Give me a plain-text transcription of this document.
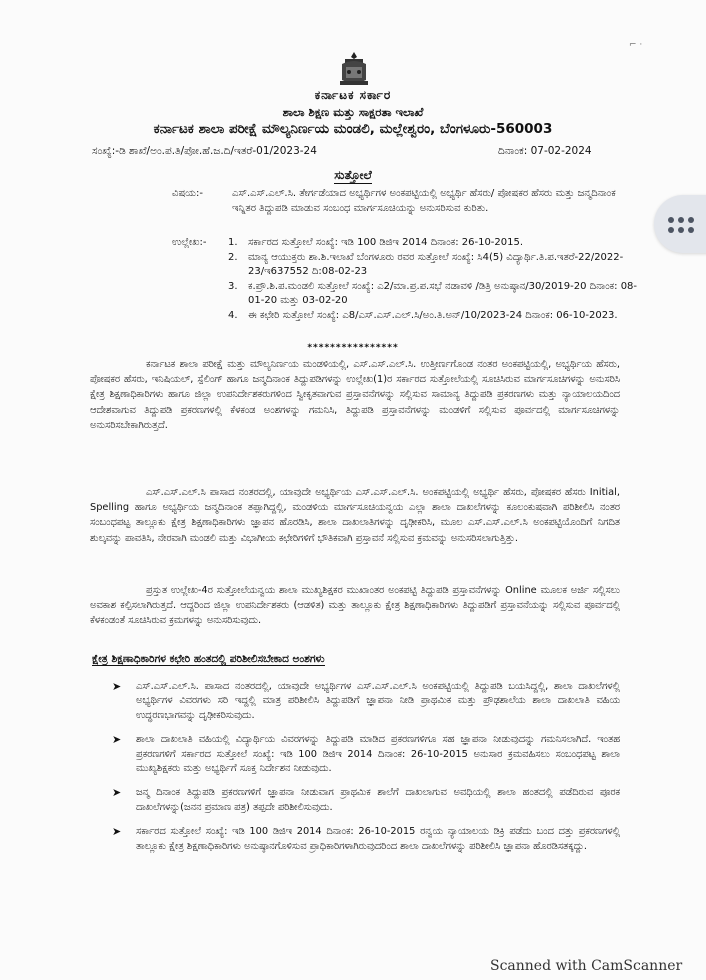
ಕರ್ನಾಟಕ ಸರ್ಕಾರ
ಶಾಲಾ ಶಿಕ್ಷಣ ಮತ್ತು ಸಾಕ್ಷರತಾ ಇಲಾಖೆ
ಕರ್ನಾಟಕ ಶಾಲಾ ಪರೀಕ್ಷೆ ಮೌಲ್ಯನಿರ್ಣಯ ಮಂಡಲಿ, ಮಲ್ಲೇಶ್ವರಂ, ಬೆಂಗಳೂರು-560003
ಸಂಖ್ಯೆ:-ಡಿ ಶಾಖೆ/ಅಂ.ಪ.ತಿ/ಪೋ.ಹೆ.ಜ.ದಿ/ಇತರೆ-01/2023-24	ದಿನಾಂಕ: 07-02-2024
ಸುತ್ತೋಲೆ
ವಿಷಯ:-	ಎಸ್.ಎಸ್.ಎಲ್.ಸಿ. ತೇರ್ಗಡೆಯಾದ ಅಭ್ಯರ್ಥಿಗಳ ಅಂಕಪಟ್ಟಿಯಲ್ಲಿ ಅಭ್ಯರ್ಥಿ ಹೆಸರು/ ಪೋಷಕರ ಹೆಸರು ಮತ್ತು ಜನ್ಮದಿನಾಂಕ ಇನ್ನಿತರ ತಿದ್ದುಪಡಿ ಮಾಡುವ ಸಂಬಂಧ ಮಾರ್ಗಸೂಚಿಯನ್ನು ಅನುಸರಿಸುವ ಕುರಿತು.
ಉಲ್ಲೇಖ:- 1. ಸರ್ಕಾರದ ಸುತ್ತೋಲೆ ಸಂಖ್ಯೆ: ಇಡಿ 100 ಡಿಜಿಇ 2014 ದಿನಾಂಕ: 26-10-2015.
2. ಮಾನ್ಯ ಆಯುಕ್ತರು ಶಾ.ಶಿ.ಇಲಾಖೆ ಬೆಂಗಳೂರು ರವರ ಸುತ್ತೋಲೆ ಸಂಖ್ಯೆ: ಸಿ4(5) ವಿದ್ಯಾರ್ಥಿ.ತಿ.ಪ.ಇತರೆ-22/2022-23/ಇ637552 ದಿ:08-02-23
3. ಕ.ಪ್ರೌ.ಶಿ.ಪ.ಮಂಡಲಿ ಸುತ್ತೋಲೆ ಸಂಖ್ಯೆ: ಎ2/ಮಾ.ಪ್ರ.ಪ.ಸಭೆ ನಡಾವಳಿ /ಡಿತ್ರಿ ಅನುಷ್ಠಾನ/30/2019-20 ದಿನಾಂಕ: 08-01-20 ಮತ್ತು 03-02-20
4. ಈ ಕಛೇರಿ ಸುತ್ತೋಲೆ ಸಂಖ್ಯೆ: ಎ8/ಎಸ್.ಎಸ್.ಎಲ್.ಸಿ/ಅಂ.ತಿ.ಅನ್/10/2023-24 ದಿನಾಂಕ: 06-10-2023.
****************
ಕರ್ನಾಟಕ ಶಾಲಾ ಪರೀಕ್ಷೆ ಮತ್ತು ಮೌಲ್ಯನಿರ್ಣಯ ಮಂಡಳಿಯಲ್ಲಿ, ಎಸ್.ಎಸ್.ಎಲ್.ಸಿ. ಉತ್ತೀರ್ಣಗೊಂಡ ನಂತರ ಅಂಕಪಟ್ಟಿಯಲ್ಲಿ, ಅಭ್ಯರ್ಥಿಯ ಹೆಸರು, ಪೋಷಕರ ಹೆಸರು, ಇನಿಷಿಯಲ್, ಸ್ಪೆಲಿಂಗ್ ಹಾಗೂ ಜನ್ಮದಿನಾಂಕ ತಿದ್ದುಪಡಿಗಳನ್ನು ಉಲ್ಲೇಖ(1)ರ ಸರ್ಕಾರದ ಸುತ್ತೋಲೆಯಲ್ಲಿ ಸೂಚಿಸಿರುವ ಮಾರ್ಗಸೂಚಿಗಳನ್ನು ಅನುಸರಿಸಿ ಕ್ಷೇತ್ರ ಶಿಕ್ಷಣಾಧಿಕಾರಿಗಳು ಹಾಗೂ ಜಿಲ್ಲಾ ಉಪನಿರ್ದೇಶಕರುಗಳಿಂದ ಸ್ವೀಕೃತವಾಗುವ ಪ್ರಸ್ತಾವನೆಗಳನ್ನು ಸಲ್ಲಿಸುವ ಸಾಮಾನ್ಯ ತಿದ್ದುಪಡಿ ಪ್ರಕರಣಗಳು ಮತ್ತು ನ್ಯಾಯಾಲಯದಿಂದ ಆದೇಶವಾಗುವ ತಿದ್ದುಪಡಿ ಪ್ರಕರಣಗಳಲ್ಲಿ ಕೆಳಕಂಡ ಅಂಶಗಳನ್ನು ಗಮನಿಸಿ, ತಿದ್ದುಪಡಿ ಪ್ರಸ್ತಾವನೆಗಳನ್ನು ಮಂಡಳಿಗೆ ಸಲ್ಲಿಸುವ ಪೂರ್ವದಲ್ಲಿ ಮಾರ್ಗಸೂಚಿಗಳನ್ನು ಅನುಸರಿಸಬೇಕಾಗಿರುತ್ತದೆ.
ಎಸ್.ಎಸ್.ಎಲ್.ಸಿ ಪಾಸಾದ ನಂತರದಲ್ಲಿ, ಯಾವುದೇ ಅಭ್ಯರ್ಥಿಯ ಎಸ್.ಎಸ್.ಎಲ್.ಸಿ. ಅಂಕಪಟ್ಟಿಯಲ್ಲಿ ಅಭ್ಯರ್ಥಿ ಹೆಸರು, ಪೋಷಕರ ಹೆಸರು Initial, Spelling ಹಾಗೂ ಅಭ್ಯರ್ಥಿಯ ಜನ್ಮದಿನಾಂಕ ತಪ್ಪಾಗಿದ್ದಲ್ಲಿ, ಮಂಡಳಿಯ ಮಾರ್ಗಸೂಚಿಯನ್ವಯ ಎಲ್ಲಾ ಶಾಲಾ ದಾಖಲೆಗಳನ್ನು ಕೂಲಂಕುಷವಾಗಿ ಪರಿಶೀಲಿಸಿ ನಂತರ ಸಂಬಂಧಪಟ್ಟ ತಾಲ್ಲೂಕು ಕ್ಷೇತ್ರ ಶಿಕ್ಷಣಾಧಿಕಾರಿಗಳು ಜ್ಞಾಪನ ಹೊರಡಿಸಿ, ಶಾಲಾ ದಾಖಲಾತಿಗಳನ್ನು ದೃಢೀಕರಿಸಿ, ಮೂಲ ಎಸ್.ಎಸ್.ಎಲ್.ಸಿ ಅಂಕಪಟ್ಟಿಯೊಂದಿಗೆ ನಿಗದಿತ ಶುಲ್ಕವನ್ನು ಪಾವತಿಸಿ, ನೇರವಾಗಿ ಮಂಡಲಿ ಮತ್ತು ವಿಭಾಗೀಯ ಕಛೇರಿಗಳಿಗೆ ಭೌತಿಕವಾಗಿ ಪ್ರಸ್ತಾವನೆ ಸಲ್ಲಿಸುವ ಕ್ರಮವನ್ನು ಅನುಸರಿಸಲಾಗುತ್ತಿತ್ತು.
ಪ್ರಸ್ತುತ ಉಲ್ಲೇಖ-4ರ ಸುತ್ತೋಲೆಯನ್ವಯ ಶಾಲಾ ಮುಖ್ಯಶಿಕ್ಷಕರ ಮುಖಾಂತರ ಅಂಕಪಟ್ಟಿ ತಿದ್ದುಪಡಿ ಪ್ರಸ್ತಾವನೆಗಳನ್ನು Online ಮೂಲಕ ಅರ್ಜಿ ಸಲ್ಲಿಸಲು ಅವಕಾಶ ಕಲ್ಪಿಸಲಾಗಿರುತ್ತದೆ. ಆದ್ದರಿಂದ ಜಿಲ್ಲಾ ಉಪನಿರ್ದೇಶಕರು (ಆಡಳಿತ) ಮತ್ತು ತಾಲ್ಲೂಕು ಕ್ಷೇತ್ರ ಶಿಕ್ಷಣಾಧಿಕಾರಿಗಳು ತಿದ್ದುಪಡಿಗೆ ಪ್ರಸ್ತಾವನೆಯನ್ನು ಸಲ್ಲಿಸುವ ಪೂರ್ವದಲ್ಲಿ ಕೆಳಕಂಡಂತೆ ಸೂಚಿಸಿರುವ ಕ್ರಮಗಳನ್ನು ಅನುಸರಿಸುವುದು.
ಕ್ಷೇತ್ರ ಶಿಕ್ಷಣಾಧಿಕಾರಿಗಳ ಕಛೇರಿ ಹಂತದಲ್ಲಿ ಪರಿಶೀಲಿಸಬೇಕಾದ ಅಂಶಗಳು
➤ ಎಸ್.ಎಸ್.ಎಲ್.ಸಿ. ಪಾಸಾದ ನಂತರದಲ್ಲಿ, ಯಾವುದೇ ಅಭ್ಯರ್ಥಿಗಳ ಎಸ್.ಎಸ್.ಎಲ್.ಸಿ ಅಂಕಪಟ್ಟಿಯಲ್ಲಿ ತಿದ್ದುಪಡಿ ಬಯಸಿದ್ದಲ್ಲಿ, ಶಾಲಾ ದಾಖಲೆಗಳಲ್ಲಿ ಅಭ್ಯರ್ಥಿಗಳ ವಿವರಗಳು ಸರಿ ಇದ್ದಲ್ಲಿ ಮಾತ್ರ ಪರಿಶೀಲಿಸಿ ತಿದ್ದುಪಡಿಗೆ ಜ್ಞಾಪನಾ ನೀಡಿ ಪ್ರಾಥಮಿಕ ಮತ್ತು ಪ್ರೌಢಶಾಲೆಯ ಶಾಲಾ ದಾಖಲಾತಿ ವಹಿಯ ಉದ್ಧರಣಭಾಗವನ್ನು ದೃಢೀಕರಿಸುವುದು.
➤ ಶಾಲಾ ದಾಖಲಾತಿ ವಹಿಯಲ್ಲಿ ವಿದ್ಯಾರ್ಥಿಯ ವಿವರಗಳನ್ನು ತಿದ್ದುಪಡಿ ಮಾಡಿದ ಪ್ರಕರಣಗಳಿಗೂ ಸಹ ಜ್ಞಾಪನಾ ನೀಡುವುದನ್ನು ಗಮನಿಸಲಾಗಿದೆ. ಇಂತಹ ಪ್ರಕರಣಗಳಿಗೆ ಸರ್ಕಾರದ ಸುತ್ತೋಲೆ ಸಂಖ್ಯೆ: ಇಡಿ 100 ಡಿಜಿಇ 2014 ದಿನಾಂಕ: 26-10-2015 ಅನುಸಾರ ಕ್ರಮವಹಿಸಲು ಸಂಬಂಧಪಟ್ಟ ಶಾಲಾ ಮುಖ್ಯಶಿಕ್ಷಕರು ಮತ್ತು ಅಭ್ಯರ್ಥಿಗೆ ಸೂಕ್ತ ನಿರ್ದೇಶನ ನೀಡುವುದು.
➤ ಜನ್ಮ ದಿನಾಂಕ ತಿದ್ದುಪಡಿ ಪ್ರಕರಣಗಳಿಗೆ ಜ್ಞಾಪನಾ ನೀಡುವಾಗ ಪ್ರಾಥಮಿಕ ಶಾಲೆಗೆ ದಾಖಲಾಗುವ ಅವಧಿಯಲ್ಲಿ ಶಾಲಾ ಹಂತದಲ್ಲಿ ಪಡೆದಿರುವ ಪೂರಕ ದಾಖಲೆಗಳನ್ನು(ಜನನ ಪ್ರಮಾಣ ಪತ್ರ) ತಪ್ಪದೇ ಪರಿಶೀಲಿಸುವುದು.
➤ ಸರ್ಕಾರದ ಸುತ್ತೋಲೆ ಸಂಖ್ಯೆ: ಇಡಿ 100 ಡಿಜಿಇ 2014 ದಿನಾಂಕ: 26-10-2015 ರನ್ವಯ ನ್ಯಾಯಾಲಯ ಡಿಕ್ರಿ ಪಡೆದು ಬಂದ ದತ್ತು ಪ್ರಕರಣಗಳಲ್ಲಿ ತಾಲ್ಲೂಕು ಕ್ಷೇತ್ರ ಶಿಕ್ಷಣಾಧಿಕಾರಿಗಳು ಅನುಷ್ಠಾನಗೊಳಿಸುವ ಪ್ರಾಧಿಕಾರಿಗಳಾಗಿರುವುದರಿಂದ ಶಾಲಾ ದಾಖಲೆಗಳನ್ನು ಪರಿಶೀಲಿಸಿ ಜ್ಞಾಪನಾ ಹೊರಡಿಸತಕ್ಕದ್ದು.
⌐ ·
Scanned with CamScanner
